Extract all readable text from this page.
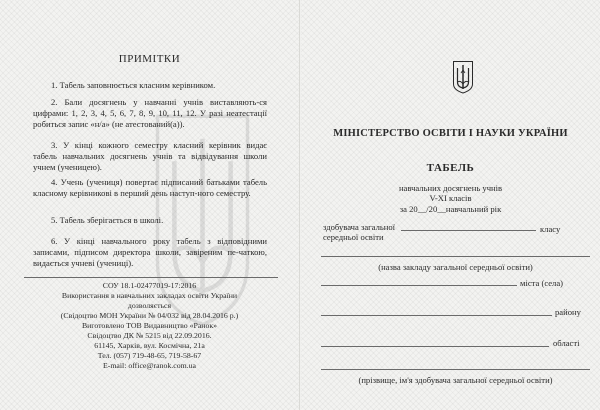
ПРИМІТКИ

1. Табель заповнюється класним керівником.

2. Бали досягнень у навчанні учнів виставляють-ся цифрами: 1, 2, 3, 4, 5, 6, 7, 8, 9, 10, 11, 12. У разі неатестації робиться запис «н/а» (не атестований(а)).

3. У кінці кожного семестру класний керівник видає табель навчальних досягнень учнів та відвідування школи учнем (ученицею).

4. Учень (учениця) повертає підписаний батьками табель класному керівникові в перший день наступ-ного семестру.

5. Табель зберігається в школі.

6. У кінці навчального року табель з відповідними записами, підписом директора школи, завіреним пе-чаткою, видається учневі (учениці).

СОУ 18.1-02477019-17:2016
Використання в навчальних закладах освіти України
дозволяється
(Свідоцтво МОН України № 04/032 від 28.04.2016 р.)
Виготовлено ТОВ Видавництво «Ранок»
Свідоцтво ДК № 5215 від 22.09.2016.
61145, Харків, вул. Космічна, 21а
Тел. (057) 719-48-65, 719-58-67
E-mail: office@ranok.com.ua
МІНІСТЕРСТВО ОСВІТИ І НАУКИ УКРАЇНИ
ТАБЕЛЬ
навчальних досягнень учнів
V-XI класів
за 20__/20__навчальний рік
здобувача загальної
середньої освіти
класу
(назва закладу загальної середньої освіти)
міста (села)
району
області
(прізвище, ім'я здобувача загальної середньої освіти)
